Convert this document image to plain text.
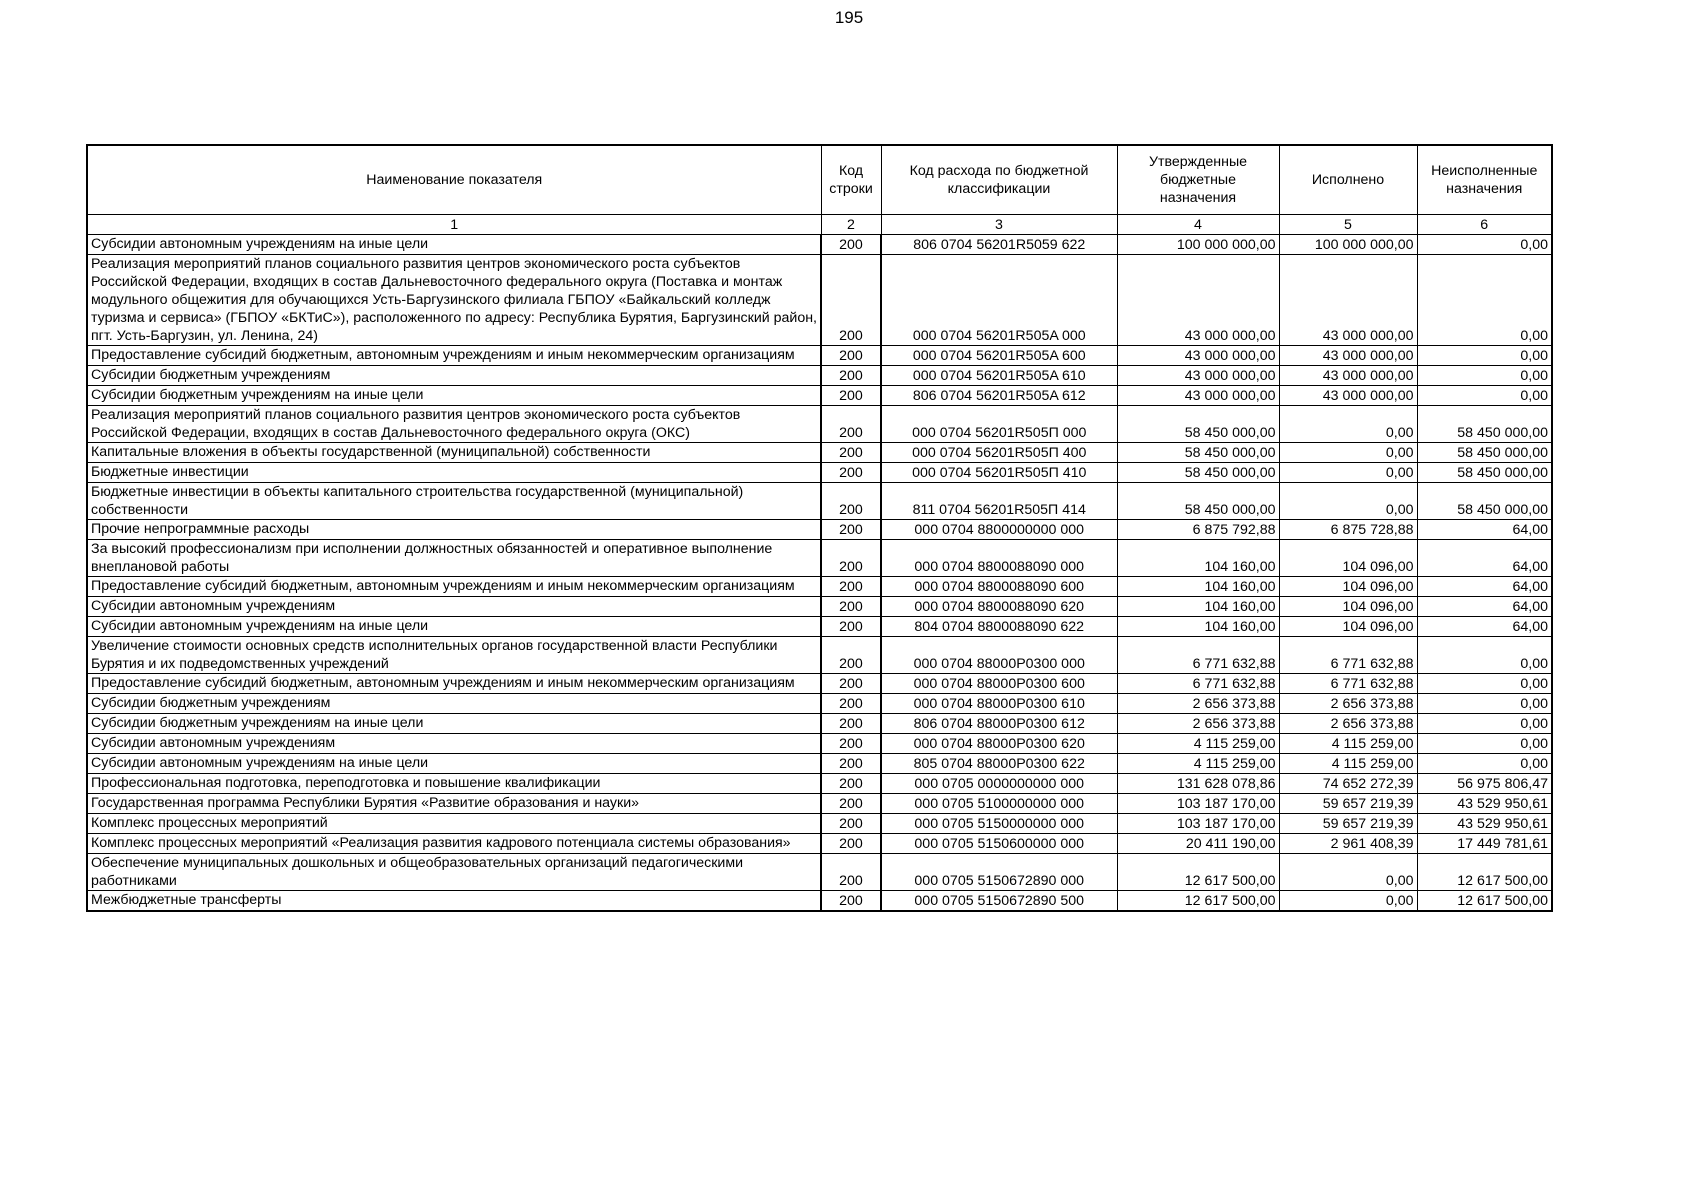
195
Наименование показателя	Код строки	Код расхода по бюджетной классификации	Утвержденные бюджетные назначения	Исполнено	Неисполненные назначения
1	2	3	4	5	6
Субсидии автономным учреждениям на иные цели	200	806 0704 56201R5059 622	100 000 000,00	100 000 000,00	0,00
Реализация мероприятий планов социального развития центров экономического роста субъектов Российской Федерации, входящих в состав Дальневосточного федерального округа (Поставка и монтаж модульного общежития для обучающихся Усть-Баргузинского филиала ГБПОУ «Байкальский колледж туризма и сервиса» (ГБПОУ «БКТиС»), расположенного по адресу: Республика Бурятия, Баргузинский район, пгт. Усть-Баргузин, ул. Ленина, 24)	200	000 0704 56201R505A 000	43 000 000,00	43 000 000,00	0,00
Предоставление субсидий бюджетным, автономным учреждениям и иным некоммерческим организациям	200	000 0704 56201R505A 600	43 000 000,00	43 000 000,00	0,00
Субсидии бюджетным учреждениям	200	000 0704 56201R505A 610	43 000 000,00	43 000 000,00	0,00
Субсидии бюджетным учреждениям на иные цели	200	806 0704 56201R505A 612	43 000 000,00	43 000 000,00	0,00
Реализация мероприятий планов социального развития центров экономического роста субъектов Российской Федерации, входящих в состав Дальневосточного федерального округа (ОКС)	200	000 0704 56201R505П 000	58 450 000,00	0,00	58 450 000,00
Капитальные вложения в объекты государственной (муниципальной) собственности	200	000 0704 56201R505П 400	58 450 000,00	0,00	58 450 000,00
Бюджетные инвестиции	200	000 0704 56201R505П 410	58 450 000,00	0,00	58 450 000,00
Бюджетные инвестиции в объекты капитального строительства государственной (муниципальной) собственности	200	811 0704 56201R505П 414	58 450 000,00	0,00	58 450 000,00
Прочие непрограммные расходы	200	000 0704 8800000000 000	6 875 792,88	6 875 728,88	64,00
За высокий профессионализм при исполнении должностных обязанностей и оперативное выполнение внеплановой работы	200	000 0704 8800088090 000	104 160,00	104 096,00	64,00
Предоставление субсидий бюджетным, автономным учреждениям и иным некоммерческим организациям	200	000 0704 8800088090 600	104 160,00	104 096,00	64,00
Субсидии автономным учреждениям	200	000 0704 8800088090 620	104 160,00	104 096,00	64,00
Субсидии автономным учреждениям на иные цели	200	804 0704 8800088090 622	104 160,00	104 096,00	64,00
Увеличение стоимости основных средств исполнительных органов государственной власти Республики Бурятия и их подведомственных учреждений	200	000 0704 88000P0300 000	6 771 632,88	6 771 632,88	0,00
Предоставление субсидий бюджетным, автономным учреждениям и иным некоммерческим организациям	200	000 0704 88000P0300 600	6 771 632,88	6 771 632,88	0,00
Субсидии бюджетным учреждениям	200	000 0704 88000P0300 610	2 656 373,88	2 656 373,88	0,00
Субсидии бюджетным учреждениям на иные цели	200	806 0704 88000P0300 612	2 656 373,88	2 656 373,88	0,00
Субсидии автономным учреждениям	200	000 0704 88000P0300 620	4 115 259,00	4 115 259,00	0,00
Субсидии автономным учреждениям на иные цели	200	805 0704 88000P0300 622	4 115 259,00	4 115 259,00	0,00
Профессиональная подготовка, переподготовка и повышение квалификации	200	000 0705 0000000000 000	131 628 078,86	74 652 272,39	56 975 806,47
Государственная программа Республики Бурятия «Развитие образования и науки»	200	000 0705 5100000000 000	103 187 170,00	59 657 219,39	43 529 950,61
Комплекс процессных мероприятий	200	000 0705 5150000000 000	103 187 170,00	59 657 219,39	43 529 950,61
Комплекс процессных мероприятий «Реализация развития кадрового потенциала системы образования»	200	000 0705 5150600000 000	20 411 190,00	2 961 408,39	17 449 781,61
Обеспечение муниципальных дошкольных и общеобразовательных организаций педагогическими работниками	200	000 0705 5150672890 000	12 617 500,00	0,00	12 617 500,00
Межбюджетные трансферты	200	000 0705 5150672890 500	12 617 500,00	0,00	12 617 500,00
